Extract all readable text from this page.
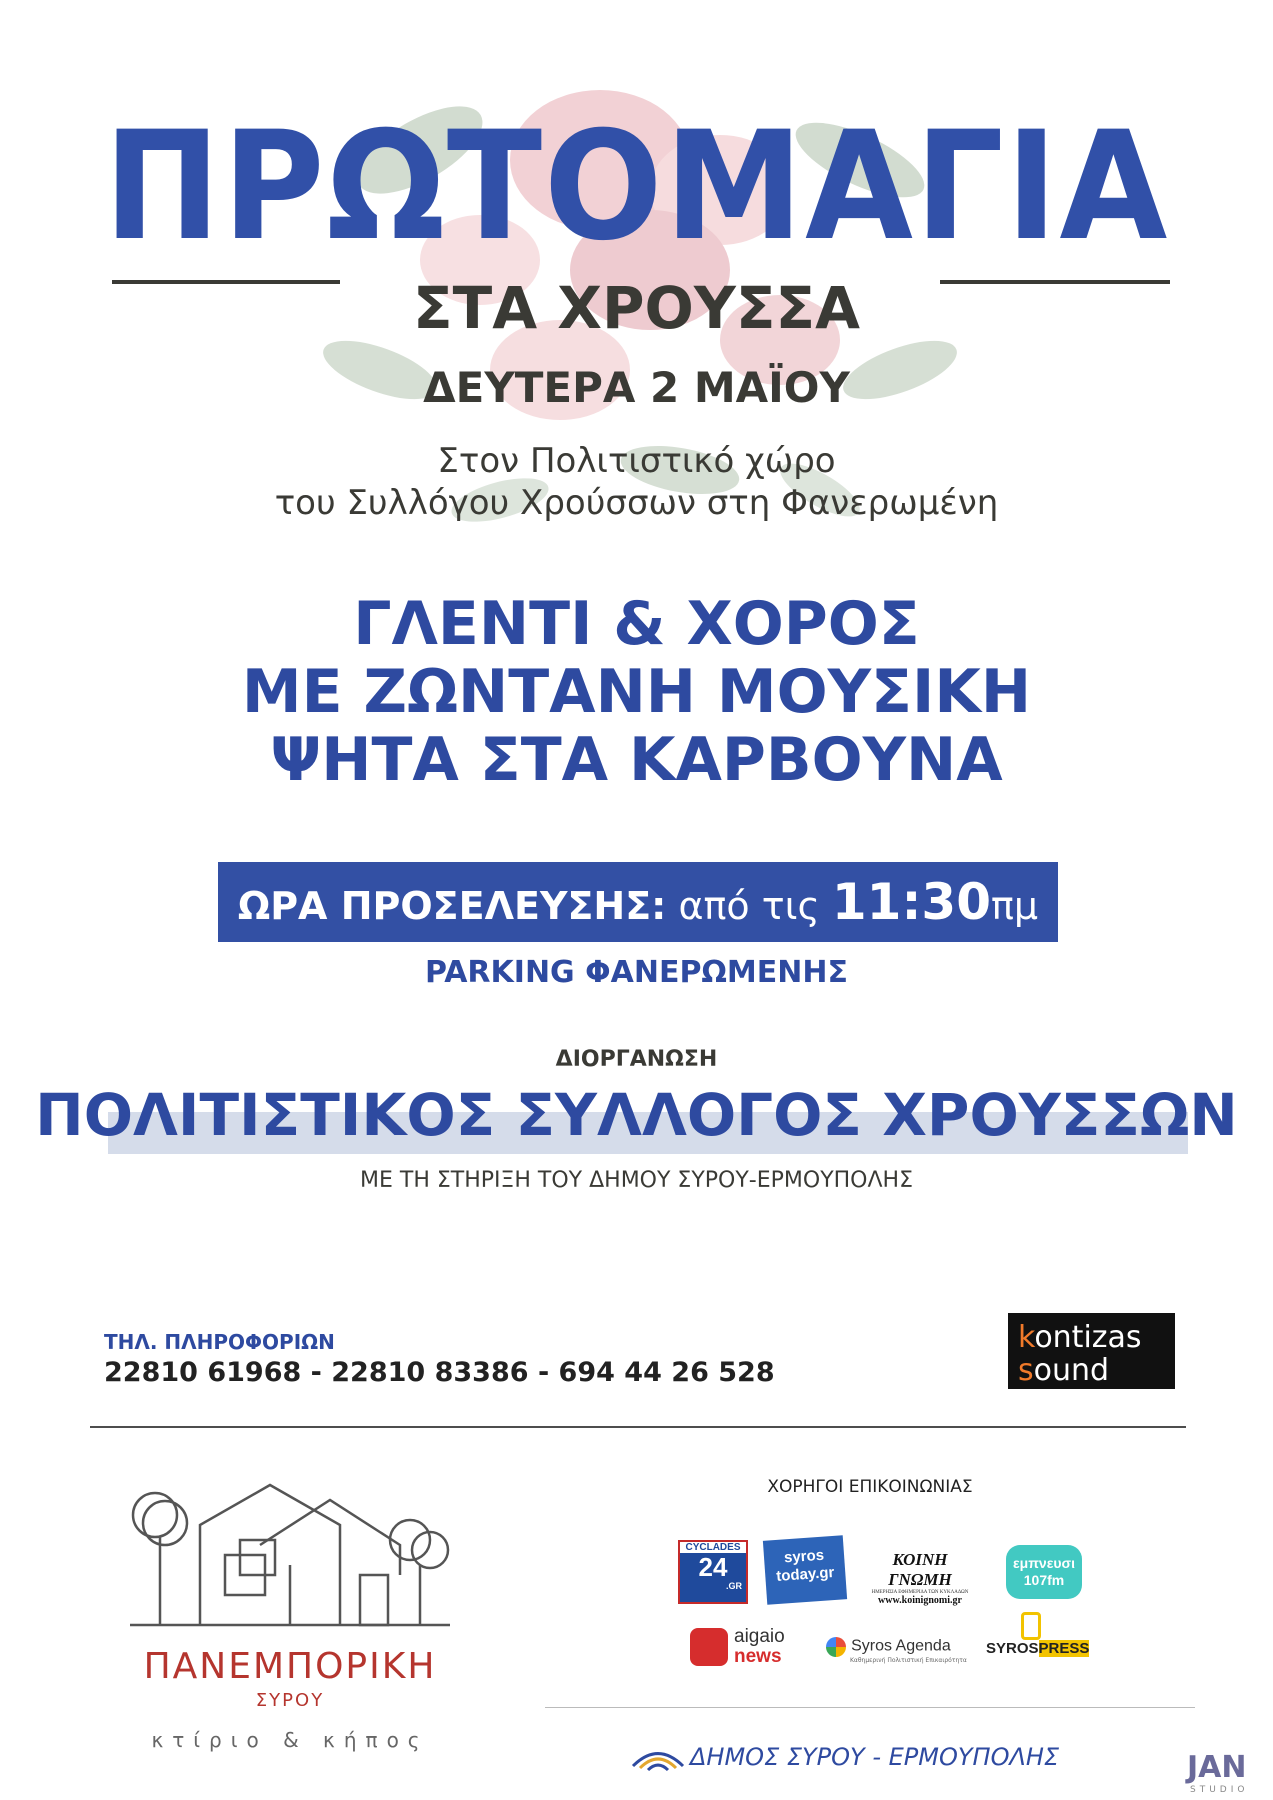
ΠΡΩΤΟΜΑΓΙΑ
ΣΤΑ ΧΡΟΥΣΣΑ
ΔΕΥΤΕΡΑ 2 ΜΑΪΟΥ
Στον Πολιτιστικό χώρο
του Συλλόγου Χρούσσων στη Φανερωμένη
ΓΛΕΝΤΙ & ΧΟΡΟΣ
ΜΕ ΖΩΝΤΑΝΗ ΜΟΥΣΙΚΗ
ΨΗΤΑ ΣΤΑ ΚΑΡΒΟΥΝΑ
ΩΡΑ ΠΡΟΣΕΛΕΥΣΗΣ: από τις 11:30πμ
PARKING ΦΑΝΕΡΩΜΕΝΗΣ
ΔΙΟΡΓΑΝΩΣΗ
ΠΟΛΙΤΙΣΤΙΚΟΣ ΣΥΛΛΟΓΟΣ ΧΡΟΥΣΣΩΝ
ΜΕ ΤΗ ΣΤΗΡΙΞΗ ΤΟΥ ΔΗΜΟΥ ΣΥΡΟΥ-ΕΡΜΟΥΠΟΛΗΣ
ΤΗΛ. ΠΛΗΡΟΦΟΡΙΩΝ
22810 61968 - 22810 83386 - 694 44 26 528
kontizas
sound
ΠΑΝΕΜΠΟΡΙΚΗ
ΣΥΡΟΥ
κτίριο & κήπος
ΧΟΡΗΓΟΙ ΕΠΙΚΟΙΝΩΝΙΑΣ
CYCLADES
24
.GR
syros today.gr
ΚΟΙΝΗ ΓΝΩΜΗ
ΗΜΕΡΗΣΙΑ ΕΦΗΜΕΡΙΔΑ ΤΩΝ ΚΥΚΛΑΔΩΝ
www.koinignomi.gr
εμπνευσι
107fm
aigaio
news	Syros Agenda
Καθημερινή Πολιτιστική Επικαιρότητα
SYROSPRESS
ΔΗΜΟΣ ΣΥΡΟΥ - ΕΡΜΟΥΠΟΛΗΣ	JAN
STUDIO
